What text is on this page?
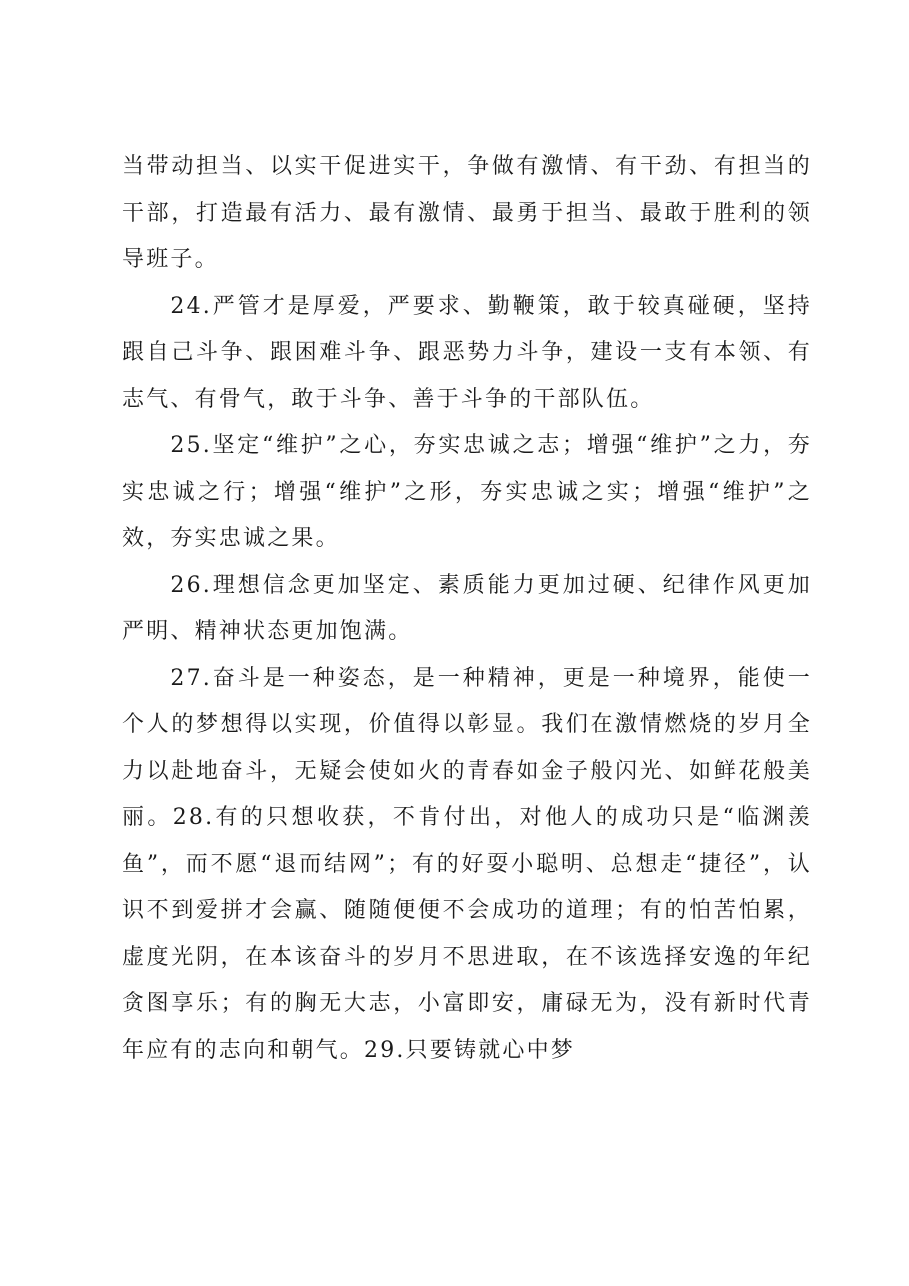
当带动担当、以实干促进实干，争做有激情、有干劲、有担当的干部，打造最有活力、最有激情、最勇于担当、最敢于胜利的领导班子。

24.严管才是厚爱，严要求、勤鞭策，敢于较真碰硬，坚持跟自己斗争、跟困难斗争、跟恶势力斗争，建设一支有本领、有志气、有骨气，敢于斗争、善于斗争的干部队伍。

25.坚定“维护”之心，夯实忠诚之志；增强“维护”之力，夯实忠诚之行；增强“维护”之形，夯实忠诚之实；增强“维护”之效，夯实忠诚之果。

26.理想信念更加坚定、素质能力更加过硬、纪律作风更加严明、精神状态更加饱满。

27.奋斗是一种姿态，是一种精神，更是一种境界，能使一个人的梦想得以实现，价值得以彰显。我们在激情燃烧的岁月全力以赴地奋斗，无疑会使如火的青春如金子般闪光、如鲜花般美丽。28.有的只想收获，不肯付出，对他人的成功只是“临渊羡鱼”，而不愿“退而结网”；有的好耍小聪明、总想走“捷径”，认识不到爱拼才会赢、随随便便不会成功的道理；有的怕苦怕累，虚度光阴，在本该奋斗的岁月不思进取，在不该选择安逸的年纪贪图享乐；有的胸无大志，小富即安，庸碌无为，没有新时代青年应有的志向和朝气。29.只要铸就心中梦
